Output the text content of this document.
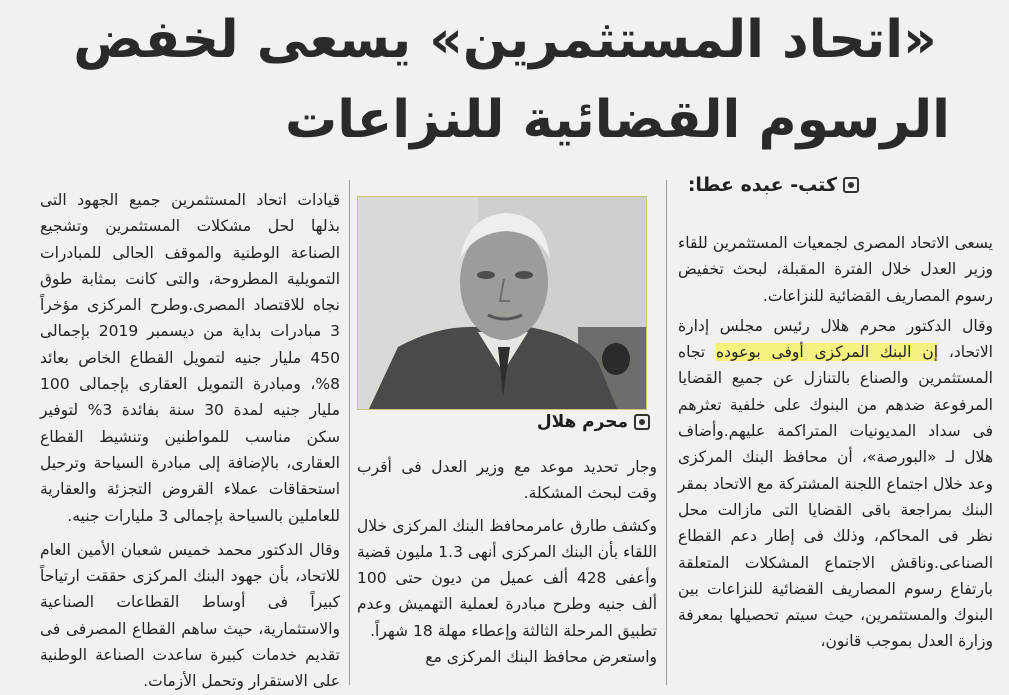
«اتحاد المستثمرين» يسعى لخفض
الرسوم القضائية للنزاعات
كتب- عبده عطا:

يسعى الاتحاد المصرى لجمعيات المستثمرين للقاء وزير العدل خلال الفترة المقبلة، لبحث تخفيض رسوم المصاريف القضائية للنزاعات.

وقال الدكتور محرم هلال رئيس مجلس إدارة الاتحاد، إن البنك المركزى أوفى بوعوده تجاه المستثمرين والصناع بالتنازل عن جميع القضايا المرفوعة ضدهم من البنوك على خلفية تعثرهم فى سداد المديونيات المتراكمة عليهم.وأضاف هلال لـ «البورصة»، أن محافظ البنك المركزى وعد خلال اجتماع اللجنة المشتركة مع الاتحاد بمقر البنك بمراجعة باقى القضايا التى مازالت محل نظر فى المحاكم، وذلك فى إطار دعم القطاع الصناعى.وناقش الاجتماع المشكلات المتعلقة بارتفاع رسوم المصاريف القضائية للنزاعات بين البنوك والمستثمرين، حيث سيتم تحصيلها بمعرفة وزارة العدل بموجب قانون،

محرم هلال

وجار تحديد موعد مع وزير العدل فى أقرب وقت لبحث المشكلة.

وكشف طارق عامرمحافظ البنك المركزى خلال اللقاء بأن البنك المركزى أنهى 1.3 مليون قضية وأعفى 428 ألف عميل من ديون حتى 100 ألف جنيه وطرح مبادرة لعملية التهميش وعدم تطبيق المرحلة الثالثة وإعطاء مهلة 18 شهراً.

واستعرض محافظ البنك المركزى مع

قيادات اتحاد المستثمرين جميع الجهود التى بذلها لحل مشكلات المستثمرين وتشجيع الصناعة الوطنية والموقف الحالى للمبادرات التمويلية المطروحة، والتى كانت بمثابة طوق نجاه للاقتصاد المصرى.وطرح المركزى مؤخراً 3 مبادرات بداية من ديسمبر 2019 بإجمالى 450 مليار جنيه لتمويل القطاع الخاص بعائد 8%، ومبادرة التمويل العقارى بإجمالى 100 مليار جنيه لمدة 30 سنة بفائدة 3% لتوفير سكن مناسب للمواطنين وتنشيط القطاع العقارى، بالإضافة إلى مبادرة السياحة وترحيل استحقاقات عملاء القروض التجزئة والعقارية للعاملين بالسياحة بإجمالى 3 مليارات جنيه.

وقال الدكتور محمد خميس شعبان الأمين العام للاتحاد، بأن جهود البنك المركزى حققت ارتياحاً كبيراً فى أوساط القطاعات الصناعية والاستثمارية، حيث ساهم القطاع المصرفى فى تقديم خدمات كبيرة ساعدت الصناعة الوطنية على الاستقرار وتحمل الأزمات.
